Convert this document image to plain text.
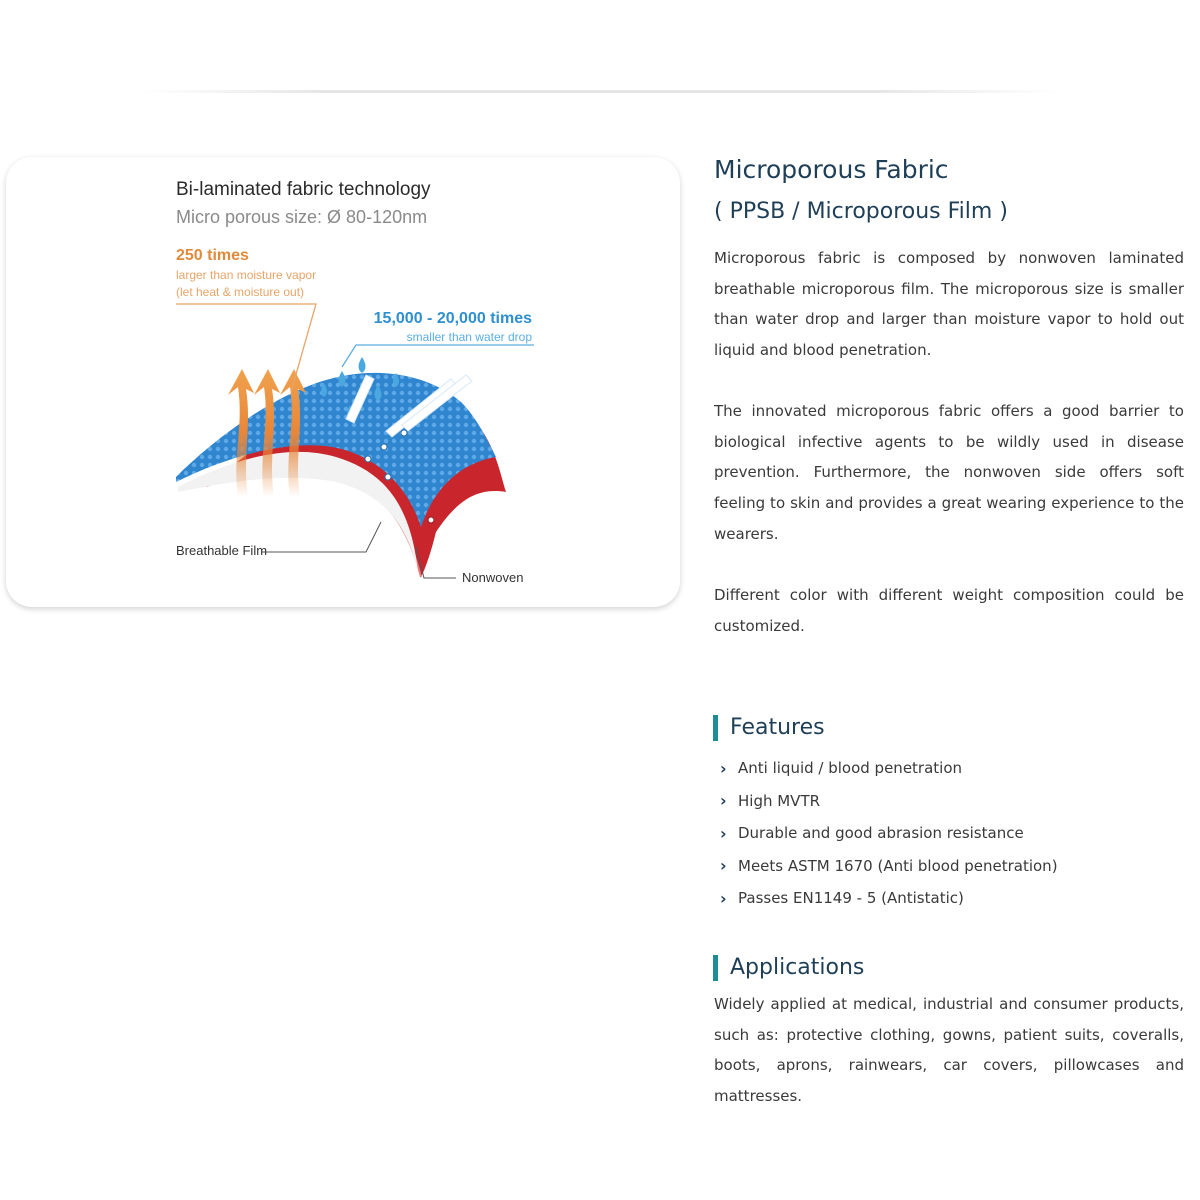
Bi-laminated fabric technology
Micro porous size: Ø 80-120nm
250 times
larger than moisture vapor
(let heat & moisture out)
15,000 - 20,000 times
smaller than water drop
Breathable Film
Nonwoven
Microporous Fabric
( PPSB / Microporous Film )
Microporous fabric is composed by nonwoven laminated breathable microporous film. The microporous size is smaller than water drop and larger than moisture vapor to hold out liquid and blood penetration.
The innovated microporous fabric offers a good barrier to biological infective agents to be wildly used in disease prevention. Furthermore, the nonwoven side offers soft feeling to skin and provides a great wearing experience to the wearers.
Different color with different weight composition could be customized.
Features
› Anti liquid / blood penetration
› High MVTR
› Durable and good abrasion resistance
› Meets ASTM 1670 (Anti blood penetration)
› Passes EN1149 - 5 (Antistatic)
Applications
Widely applied at medical, industrial and consumer products, such as: protective clothing, gowns, patient suits, coveralls, boots, aprons, rainwears, car covers, pillowcases and mattresses.
